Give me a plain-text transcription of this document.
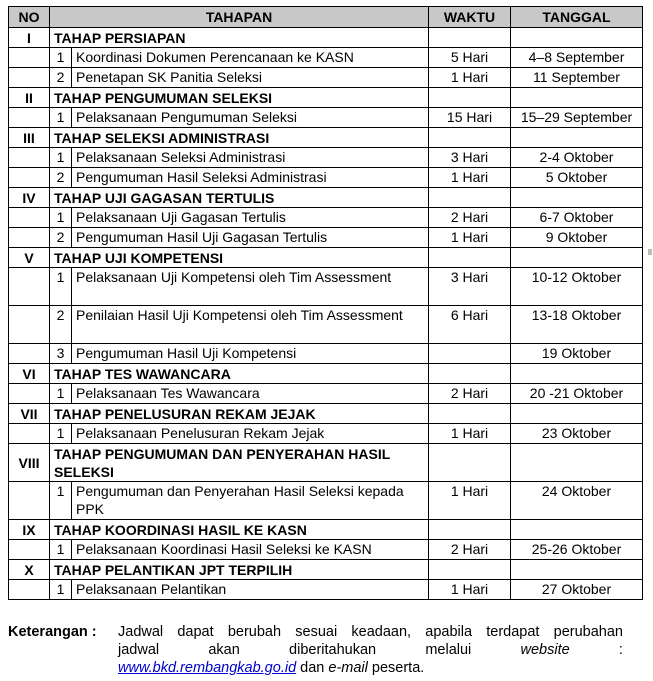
NO	TAHAPAN		WAKTU	TANGGAL
I	TAHAP PERSIAPAN			
	1	Koordinasi Dokumen Perencanaan ke KASN	5 Hari	4–8 September
	2	Penetapan SK Panitia Seleksi	1 Hari	11 September
II	TAHAP PENGUMUMAN SELEKSI			
	1	Pelaksanaan Pengumuman Seleksi	15 Hari	15–29 September
III	TAHAP SELEKSI ADMINISTRASI			
	1	Pelaksanaan Seleksi Administrasi	3 Hari	2-4 Oktober
	2	Pengumuman Hasil Seleksi Administrasi	1 Hari	5 Oktober
IV	TAHAP UJI GAGASAN TERTULIS			
	1	Pelaksanaan Uji Gagasan Tertulis	2 Hari	6-7 Oktober
	2	Pengumuman Hasil Uji Gagasan Tertulis	1 Hari	9 Oktober
V	TAHAP UJI KOMPETENSI			
	1	Pelaksanaan Uji Kompetensi oleh Tim Assessment	3 Hari	10-12 Oktober
	2	Penilaian Hasil Uji Kompetensi oleh Tim Assessment	6 Hari	13-18 Oktober
	3	Pengumuman Hasil Uji Kompetensi		19 Oktober
VI	TAHAP TES WAWANCARA			
	1	Pelaksanaan Tes Wawancara	2 Hari	20 -21 Oktober
VII	TAHAP PENELUSURAN REKAM JEJAK			
	1	Pelaksanaan Penelusuran Rekam Jejak	1 Hari	23 Oktober
VIII	TAHAP PENGUMUMAN DAN PENYERAHAN HASIL SELEKSI			
	1	Pengumuman dan Penyerahan Hasil Seleksi kepada PPK	1 Hari	24 Oktober
IX	TAHAP KOORDINASI HASIL KE KASN			
	1	Pelaksanaan Koordinasi Hasil Seleksi ke KASN	2 Hari	25-26 Oktober
X	TAHAP PELANTIKAN JPT TERPILIH			
	1	Pelaksanaan Pelantikan	1 Hari	27 Oktober
Keterangan : Jadwal dapat berubah sesuai keadaan, apabila terdapat perubahan
jadwal	akan	diberitahukan	melalui	website	:
www.bkd.rembangkab.go.id dan e-mail peserta.
